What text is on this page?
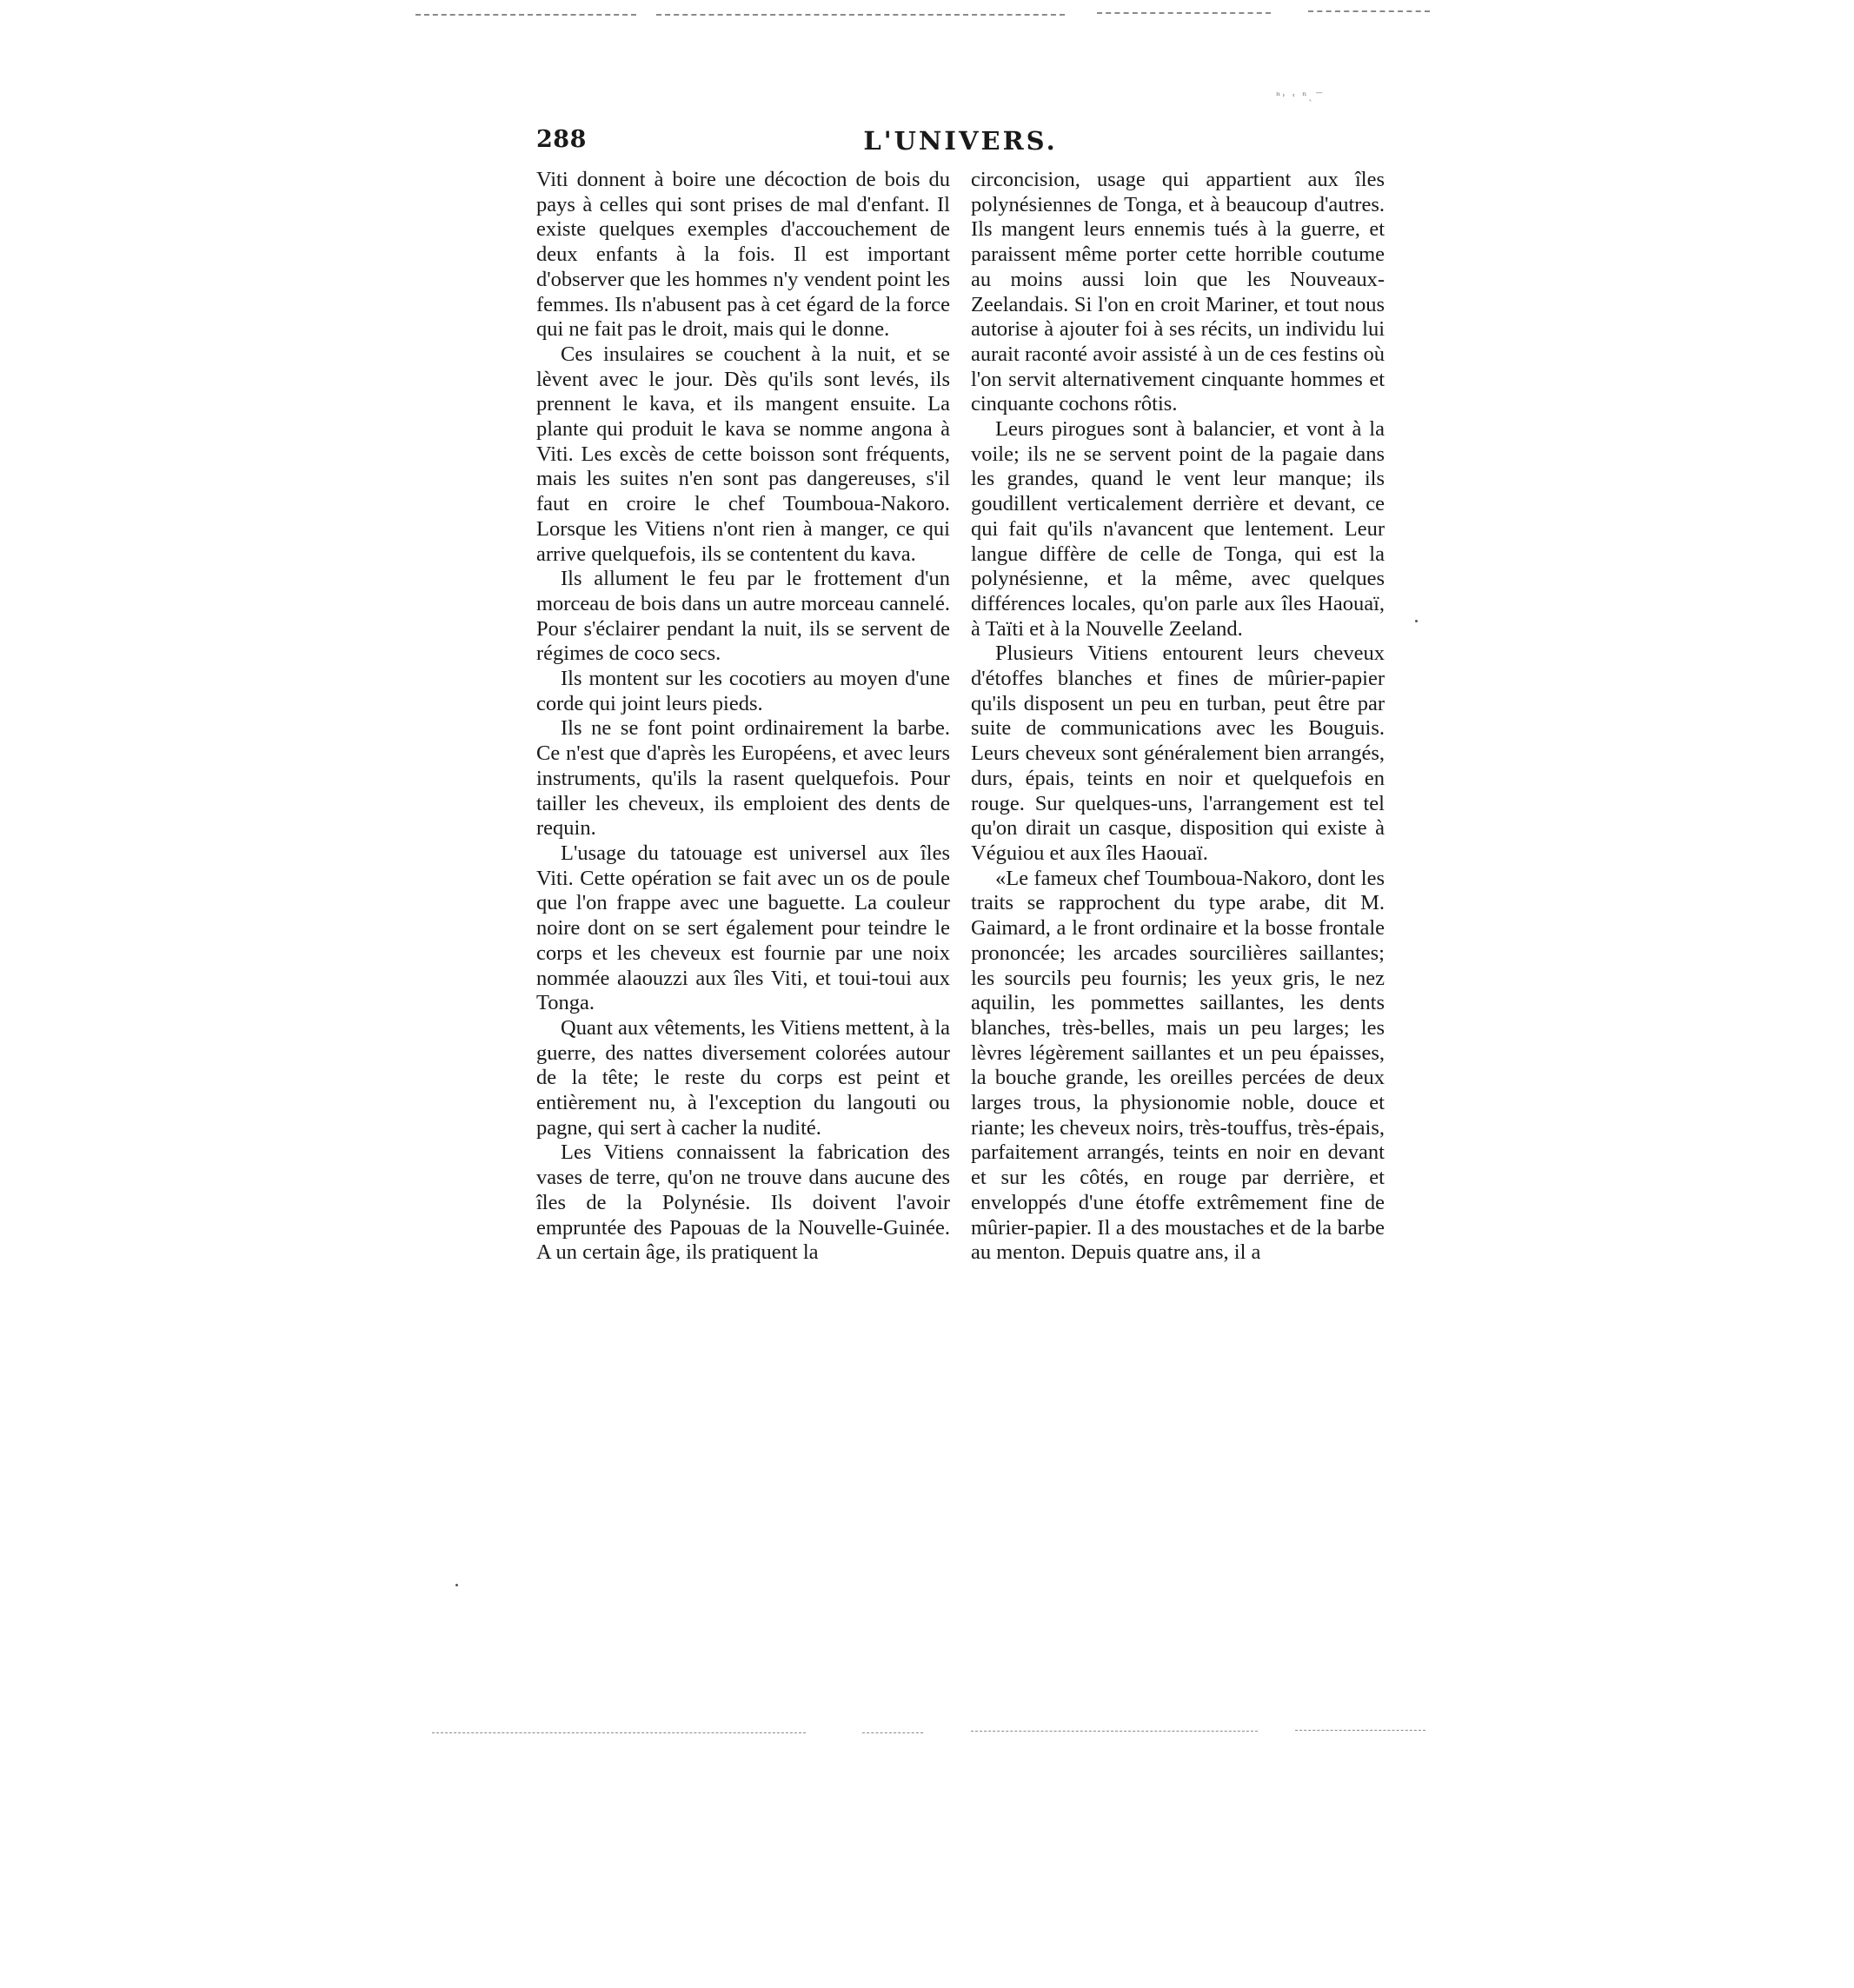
ⁿ˒ ˓ ⁿˎ ͞
288	L'UNIVERS.

Viti donnent à boire une décoction de bois du pays à celles qui sont prises de mal d'enfant. Il existe quelques exemples d'accouchement de deux enfants à la fois. Il est important d'observer que les hommes n'y vendent point les femmes. Ils n'abusent pas à cet égard de la force qui ne fait pas le droit, mais qui le donne.

Ces insulaires se couchent à la nuit, et se lèvent avec le jour. Dès qu'ils sont levés, ils prennent le kava, et ils mangent ensuite. La plante qui produit le kava se nomme angona à Viti. Les excès de cette boisson sont fréquents, mais les suites n'en sont pas dangereuses, s'il faut en croire le chef Toumboua-Nakoro. Lorsque les Vitiens n'ont rien à manger, ce qui arrive quelquefois, ils se contentent du kava.

Ils allument le feu par le frottement d'un morceau de bois dans un autre morceau cannelé. Pour s'éclairer pendant la nuit, ils se servent de régimes de coco secs.

Ils montent sur les cocotiers au moyen d'une corde qui joint leurs pieds.

Ils ne se font point ordinairement la barbe. Ce n'est que d'après les Européens, et avec leurs instruments, qu'ils la rasent quelquefois. Pour tailler les cheveux, ils emploient des dents de requin.

L'usage du tatouage est universel aux îles Viti. Cette opération se fait avec un os de poule que l'on frappe avec une baguette. La couleur noire dont on se sert également pour teindre le corps et les cheveux est fournie par une noix nommée alaouzzi aux îles Viti, et toui-toui aux Tonga.

Quant aux vêtements, les Vitiens mettent, à la guerre, des nattes diversement colorées autour de la tête; le reste du corps est peint et entièrement nu, à l'exception du langouti ou pagne, qui sert à cacher la nudité.

Les Vitiens connaissent la fabrication des vases de terre, qu'on ne trouve dans aucune des îles de la Polynésie. Ils doivent l'avoir empruntée des Papouas de la Nouvelle-Guinée. A un certain âge, ils pratiquent la

circoncision, usage qui appartient aux îles polynésiennes de Tonga, et à beaucoup d'autres. Ils mangent leurs ennemis tués à la guerre, et paraissent même porter cette horrible coutume au moins aussi loin que les Nouveaux-Zeelandais. Si l'on en croit Mariner, et tout nous autorise à ajouter foi à ses récits, un individu lui aurait raconté avoir assisté à un de ces festins où l'on servit alternativement cinquante hommes et cinquante cochons rôtis.

Leurs pirogues sont à balancier, et vont à la voile; ils ne se servent point de la pagaie dans les grandes, quand le vent leur manque; ils goudillent verticalement derrière et devant, ce qui fait qu'ils n'avancent que lentement. Leur langue diffère de celle de Tonga, qui est la polynésienne, et la même, avec quelques différences locales, qu'on parle aux îles Haouaï, à Taïti et à la Nouvelle Zeeland.

Plusieurs Vitiens entourent leurs cheveux d'étoffes blanches et fines de mûrier-papier qu'ils disposent un peu en turban, peut être par suite de communications avec les Bouguis. Leurs cheveux sont généralement bien arrangés, durs, épais, teints en noir et quelquefois en rouge. Sur quelques-uns, l'arrangement est tel qu'on dirait un casque, disposition qui existe à Véguiou et aux îles Haouaï.

«Le fameux chef Toumboua-Nakoro, dont les traits se rapprochent du type arabe, dit M. Gaimard, a le front ordinaire et la bosse frontale prononcée; les arcades sourcilières saillantes; les sourcils peu fournis; les yeux gris, le nez aquilin, les pommettes saillantes, les dents blanches, très-belles, mais un peu larges; les lèvres légèrement saillantes et un peu épaisses, la bouche grande, les oreilles percées de deux larges trous, la physionomie noble, douce et riante; les cheveux noirs, très-touffus, très-épais, parfaitement arrangés, teints en noir en devant et sur les côtés, en rouge par derrière, et enveloppés d'une étoffe extrêmement fine de mûrier-papier. Il a des moustaches et de la barbe au menton. Depuis quatre ans, il a
